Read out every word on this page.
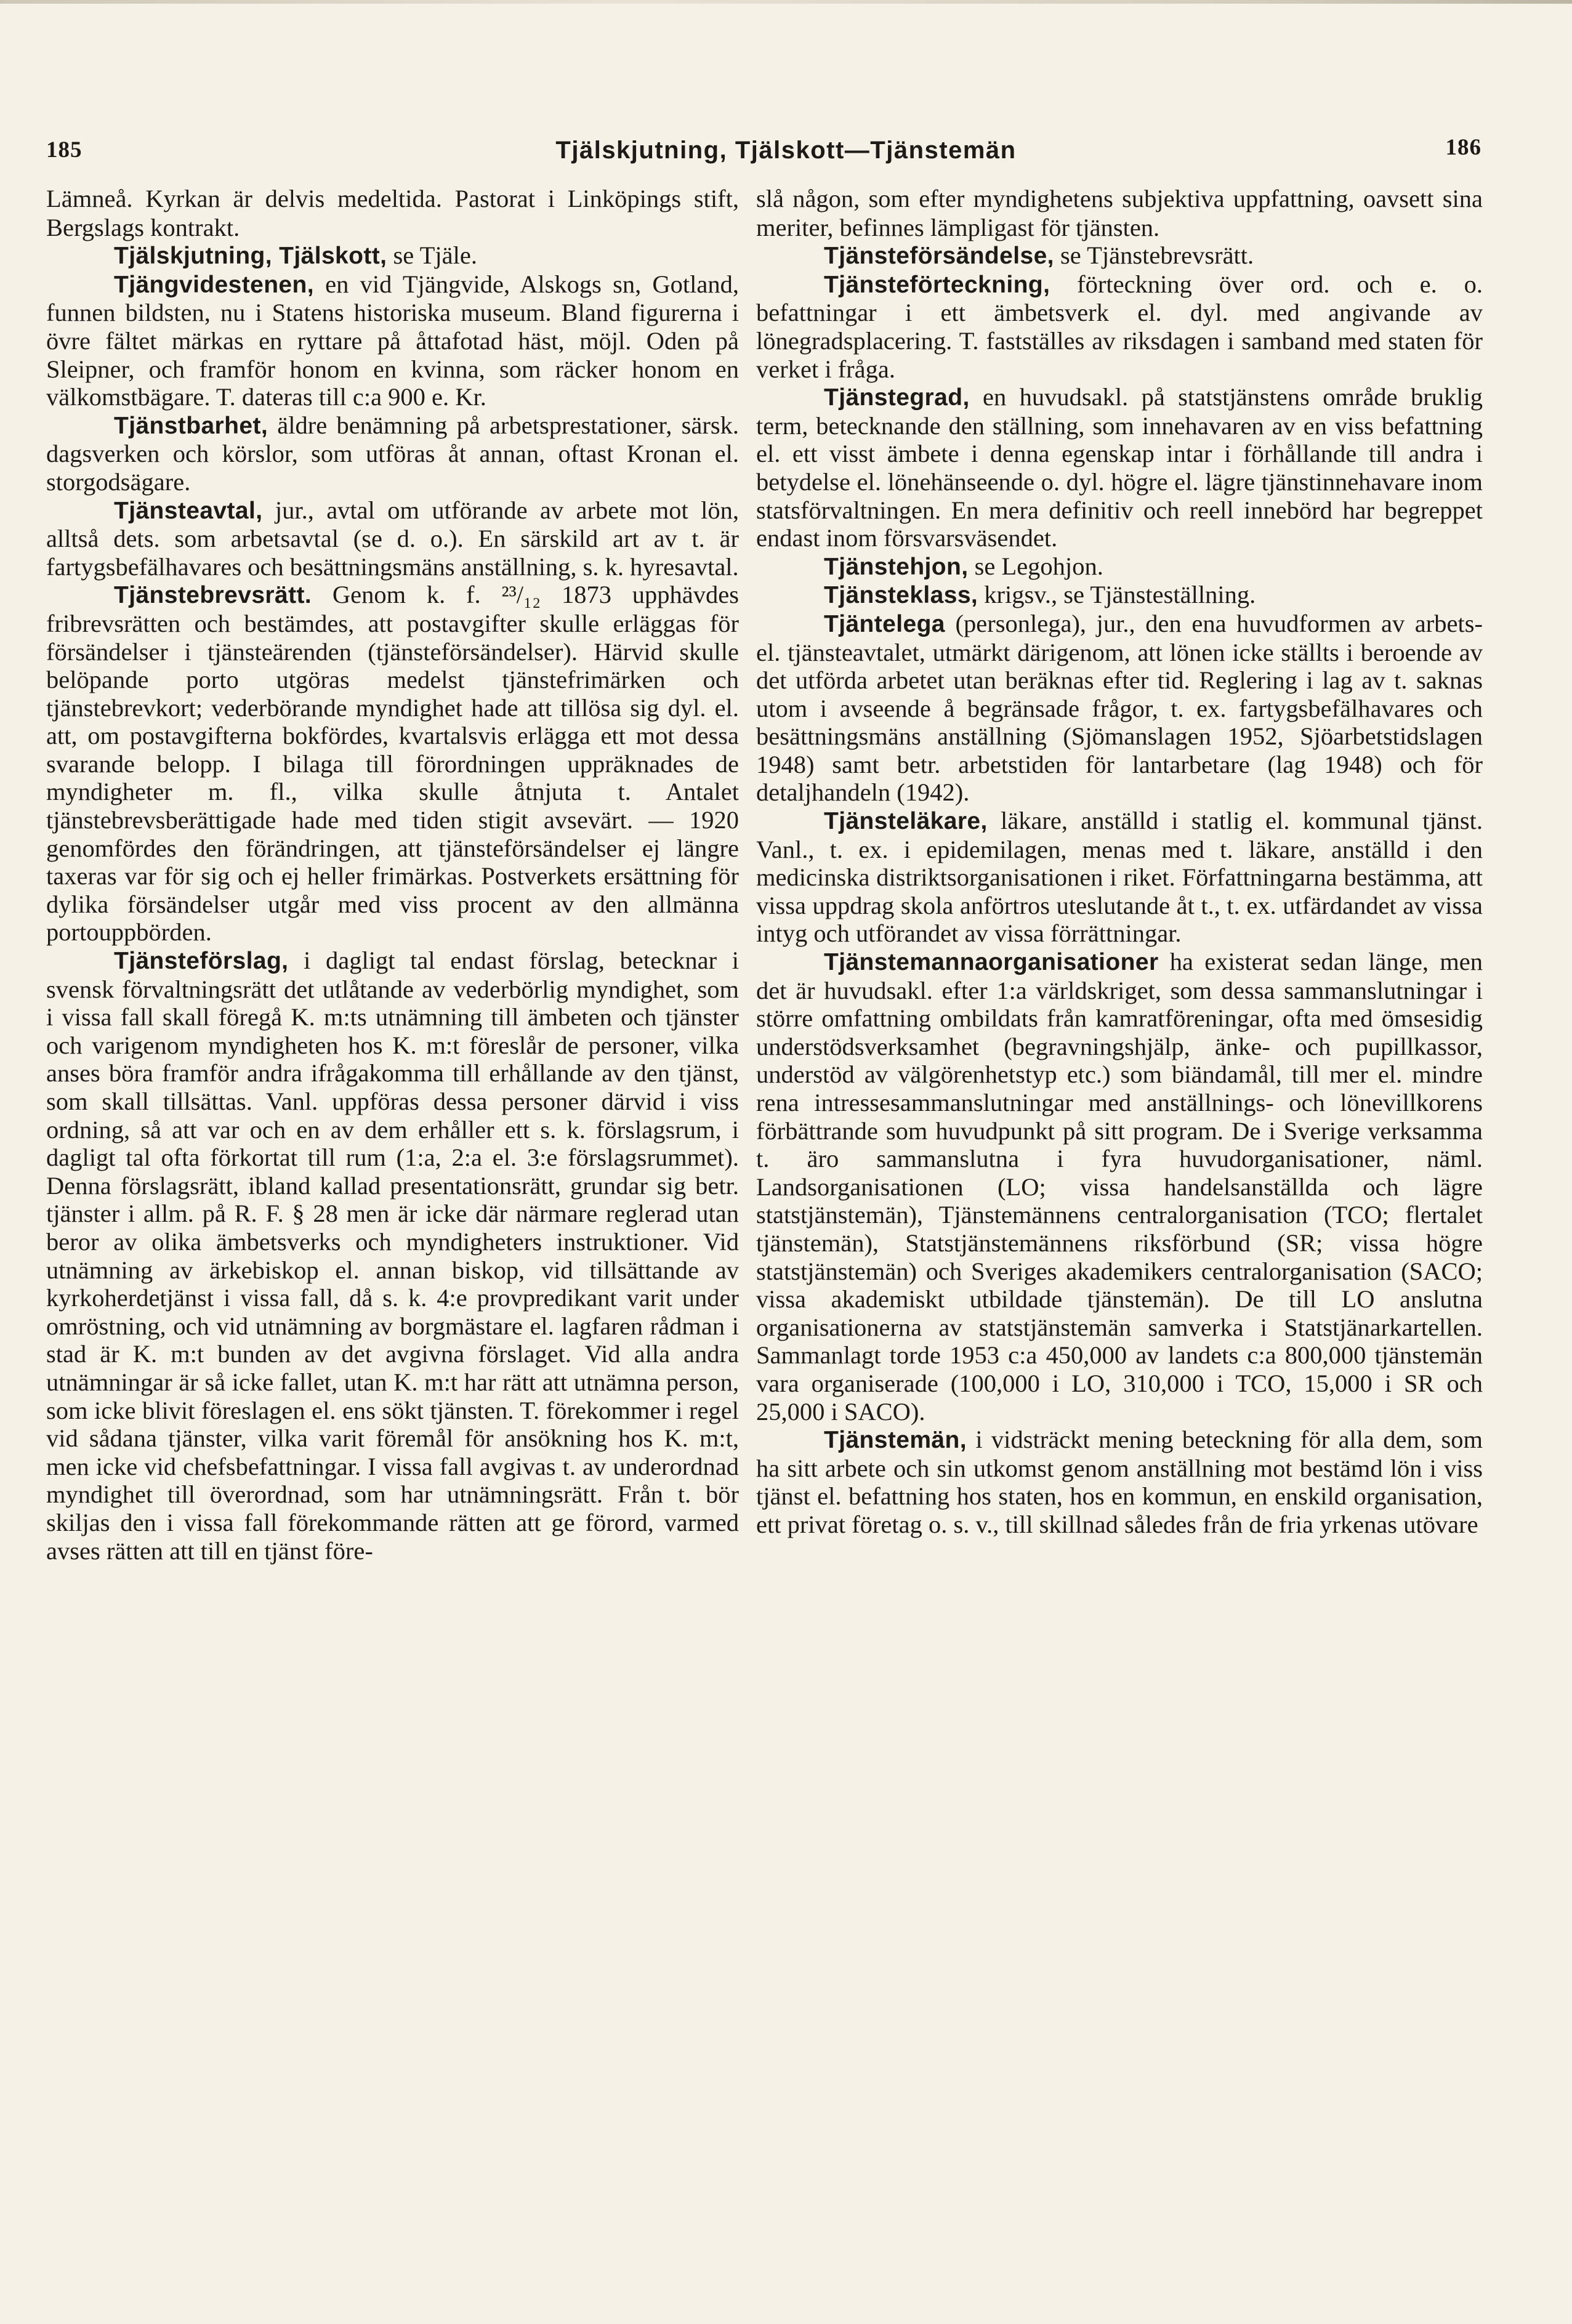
185	Tjälskjutning, Tjälskott—Tjänstemän	186

Lämneå. Kyrkan är delvis medeltida. Pastorat i Linköpings stift, Bergslags kontrakt.

Tjälskjutning, Tjälskott, se Tjäle.

Tjängvidestenen, en vid Tjängvide, Alskogs sn, Gotland, funnen bildsten, nu i Statens historiska museum. Bland figurerna i övre fältet märkas en ryttare på åttafotad häst, möjl. Oden på Sleipner, och framför honom en kvinna, som räcker honom en välkomstbägare. T. dateras till c:a 900 e. Kr.

Tjänstbarhet, äldre benämning på arbetsprestationer, särsk. dagsverken och körslor, som utföras åt annan, oftast Kronan el. storgodsägare.

Tjänsteavtal, jur., avtal om utförande av arbete mot lön, alltså dets. som arbetsavtal (se d. o.). En särskild art av t. är fartygsbefälhavares och besättningsmäns anställning, s. k. hyresavtal.

Tjänstebrevsrätt. Genom k. f. ²³/₁₂ 1873 upphävdes fribrevsrätten och bestämdes, att postavgifter skulle erläggas för försändelser i tjänsteärenden (tjänsteförsändelser). Härvid skulle belöpande porto utgöras medelst tjänstefrimärken och tjänstebrevkort; vederbörande myndighet hade att tillösa sig dyl. el. att, om postavgifterna bokfördes, kvartalsvis erlägga ett mot dessa svarande belopp. I bilaga till förordningen uppräknades de myndigheter m. fl., vilka skulle åtnjuta t. Antalet tjänstebrevsberättigade hade med tiden stigit avsevärt. — 1920 genomfördes den förändringen, att tjänsteförsändelser ej längre taxeras var för sig och ej heller frimärkas. Postverkets ersättning för dylika försändelser utgår med viss procent av den allmänna portouppbörden.

Tjänsteförslag, i dagligt tal endast förslag, betecknar i svensk förvaltningsrätt det utlåtande av vederbörlig myndighet, som i vissa fall skall föregå K. m:ts utnämning till ämbeten och tjänster och varigenom myndigheten hos K. m:t föreslår de personer, vilka anses böra framför andra ifrågakomma till erhållande av den tjänst, som skall tillsättas. Vanl. uppföras dessa personer därvid i viss ordning, så att var och en av dem erhåller ett s. k. förslagsrum, i dagligt tal ofta förkortat till rum (1:a, 2:a el. 3:e förslagsrummet). Denna förslagsrätt, ibland kallad presentationsrätt, grundar sig betr. tjänster i allm. på R. F. § 28 men är icke där närmare reglerad utan beror av olika ämbetsverks och myndigheters instruktioner. Vid utnämning av ärkebiskop el. annan biskop, vid tillsättande av kyrkoherdetjänst i vissa fall, då s. k. 4:e provpredikant varit under omröstning, och vid utnämning av borgmästare el. lagfaren rådman i stad är K. m:t bunden av det avgivna förslaget. Vid alla andra utnämningar är så icke fallet, utan K. m:t har rätt att utnämna person, som icke blivit föreslagen el. ens sökt tjänsten. T. förekommer i regel vid sådana tjänster, vilka varit föremål för ansökning hos K. m:t, men icke vid chefsbefattningar. I vissa fall avgivas t. av underordnad myndighet till överordnad, som har utnämningsrätt. Från t. bör skiljas den i vissa fall förekommande rätten att ge förord, varmed avses rätten att till en tjänst före-

slå någon, som efter myndighetens subjektiva uppfattning, oavsett sina meriter, befinnes lämpligast för tjänsten.

Tjänsteförsändelse, se Tjänstebrevsrätt.

Tjänsteförteckning, förteckning över ord. och e. o. befattningar i ett ämbetsverk el. dyl. med angivande av lönegradsplacering. T. fastställes av riksdagen i samband med staten för verket i fråga.

Tjänstegrad, en huvudsakl. på statstjänstens område bruklig term, betecknande den ställning, som innehavaren av en viss befattning el. ett visst ämbete i denna egenskap intar i förhållande till andra i betydelse el. lönehänseende o. dyl. högre el. lägre tjänstinnehavare inom statsförvaltningen. En mera definitiv och reell innebörd har begreppet endast inom försvarsväsendet.

Tjänstehjon, se Legohjon.

Tjänsteklass, krigsv., se Tjänsteställning.

Tjäntelega (personlega), jur., den ena huvudformen av arbets- el. tjänsteavtalet, utmärkt därigenom, att lönen icke ställts i beroende av det utförda arbetet utan beräknas efter tid. Reglering i lag av t. saknas utom i avseende å begränsade frågor, t. ex. fartygsbefälhavares och besättningsmäns anställning (Sjömanslagen 1952, Sjöarbetstidslagen 1948) samt betr. arbetstiden för lantarbetare (lag 1948) och för detaljhandeln (1942).

Tjänsteläkare, läkare, anställd i statlig el. kommunal tjänst. Vanl., t. ex. i epidemilagen, menas med t. läkare, anställd i den medicinska distriktsorganisationen i riket. Författningarna bestämma, att vissa uppdrag skola anförtros uteslutande åt t., t. ex. utfärdandet av vissa intyg och utförandet av vissa förrättningar.

Tjänstemannaorganisationer ha existerat sedan länge, men det är huvudsakl. efter 1:a världskriget, som dessa sammanslutningar i större omfattning ombildats från kamratföreningar, ofta med ömsesidig understödsverksamhet (begravningshjälp, änke- och pupillkassor, understöd av välgörenhetstyp etc.) som biändamål, till mer el. mindre rena intressesammanslutningar med anställnings- och lönevillkorens förbättrande som huvudpunkt på sitt program. De i Sverige verksamma t. äro sammanslutna i fyra huvudorganisationer, näml. Landsorganisationen (LO; vissa handelsanställda och lägre statstjänstemän), Tjänstemännens centralorganisation (TCO; flertalet tjänstemän), Statstjänstemännens riksförbund (SR; vissa högre statstjänstemän) och Sveriges akademikers centralorganisation (SACO; vissa akademiskt utbildade tjänstemän). De till LO anslutna organisationerna av statstjänstemän samverka i Statstjänarkartellen. Sammanlagt torde 1953 c:a 450,000 av landets c:a 800,000 tjänstemän vara organiserade (100,000 i LO, 310,000 i TCO, 15,000 i SR och 25,000 i SACO).

Tjänstemän, i vidsträckt mening beteckning för alla dem, som ha sitt arbete och sin utkomst genom anställning mot bestämd lön i viss tjänst el. befattning hos staten, hos en kommun, en enskild organisation, ett privat företag o. s. v., till skillnad således från de fria yrkenas utövare
